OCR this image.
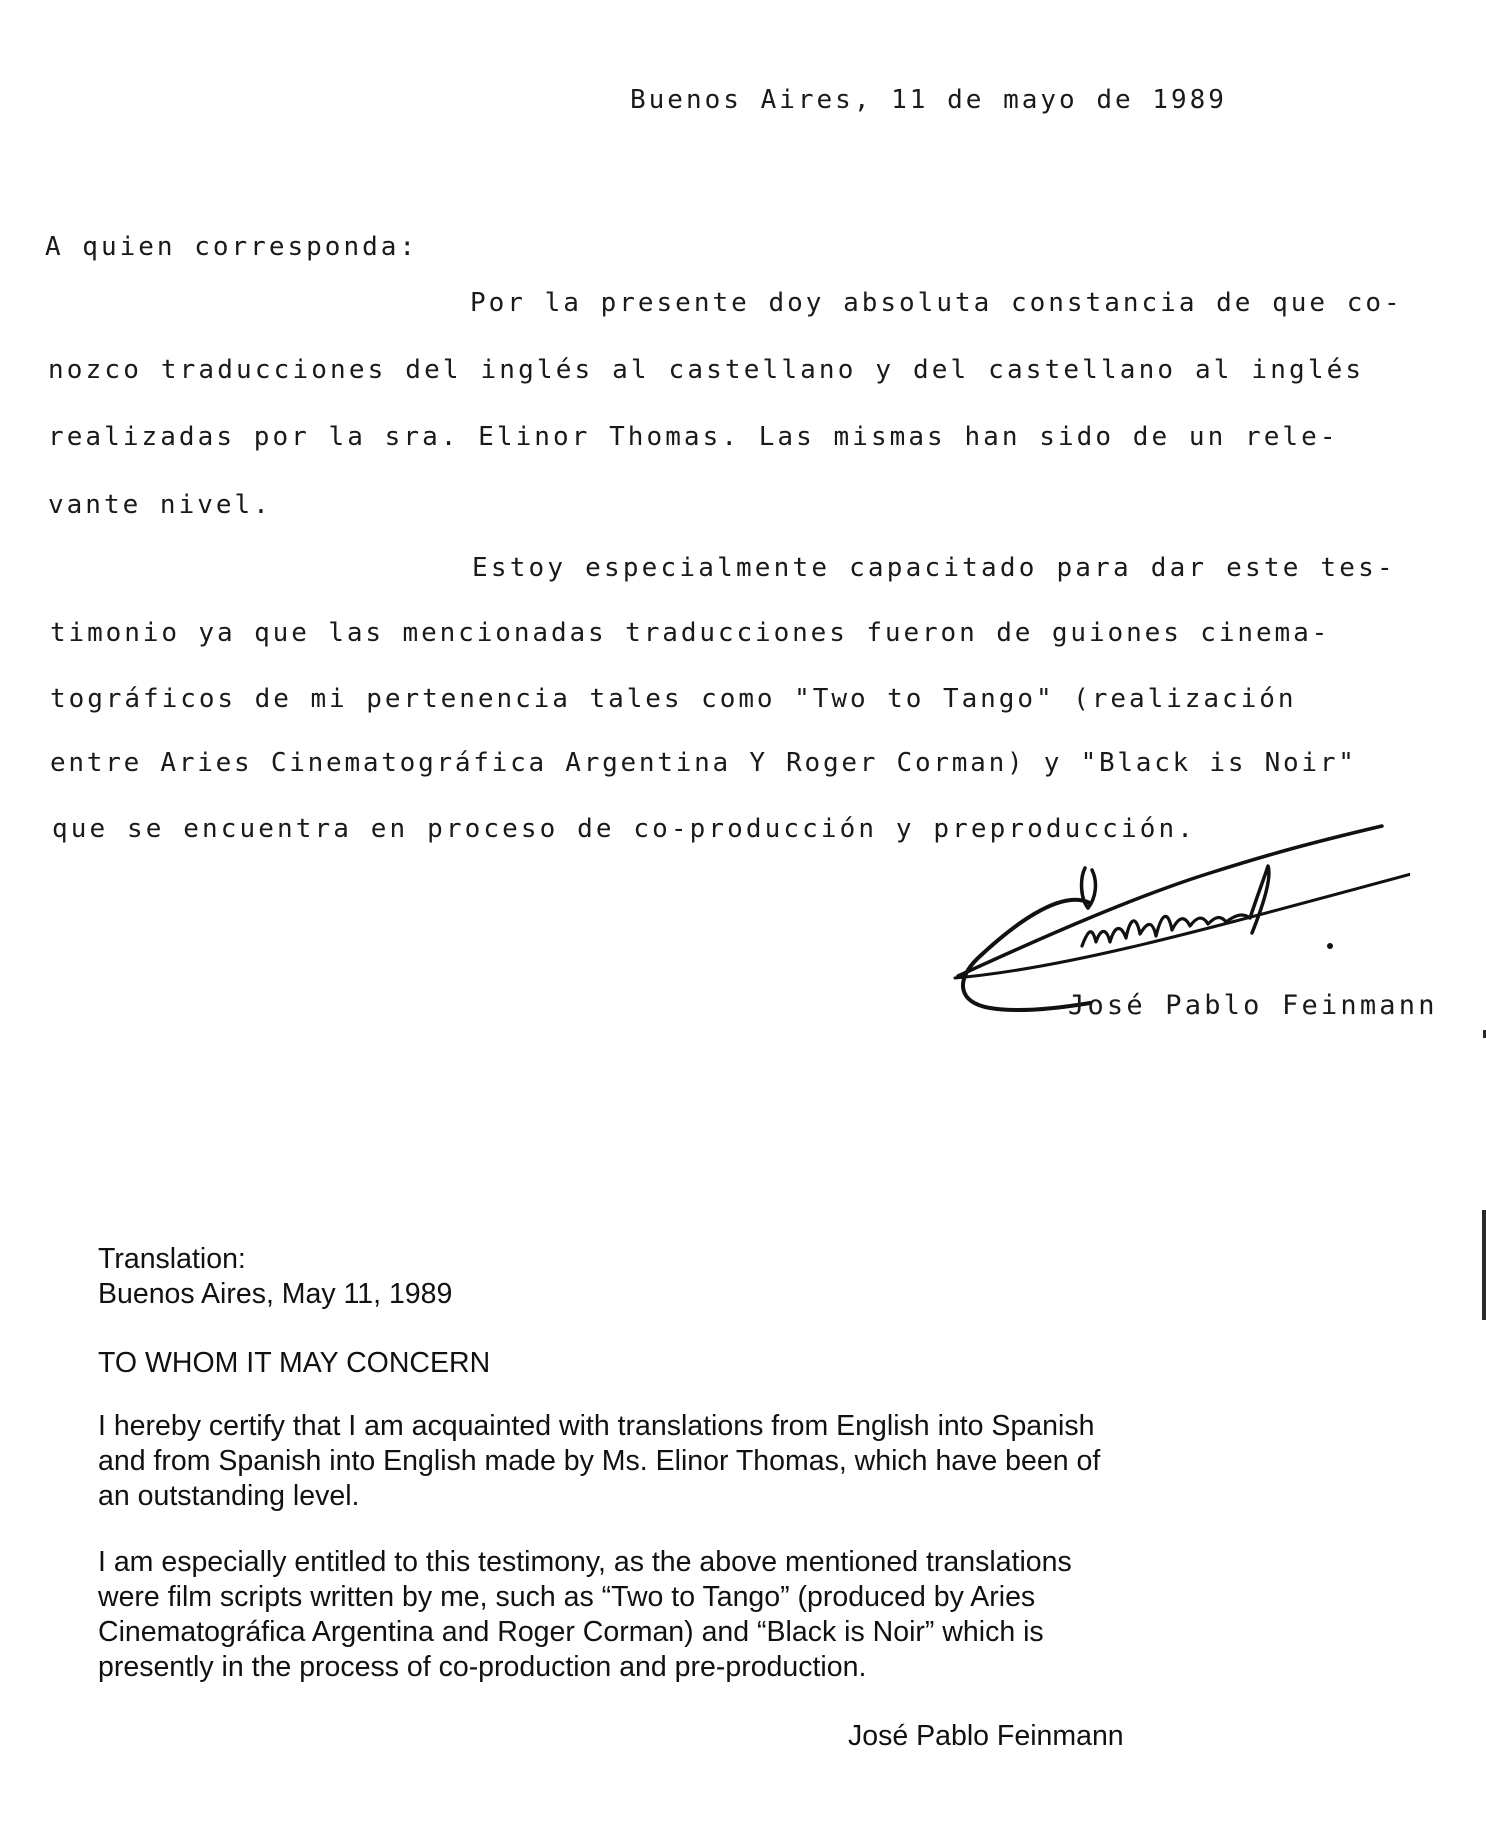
Buenos Aires, 11 de mayo de 1989
A quien corresponda:
Por la presente doy absoluta constancia de que co-
nozco traducciones del inglés al castellano y del castellano al inglés
realizadas por la sra. Elinor Thomas. Las mismas han sido de un rele-
vante nivel.
Estoy especialmente capacitado para dar este tes-
timonio ya que las mencionadas traducciones fueron de guiones cinema-
tográficos de mi pertenencia tales como "Two to Tango" (realización
entre Aries Cinematográfica Argentina Y Roger Corman) y "Black is Noir"
que se encuentra en proceso de co-producción y preproducción.
José Pablo Feinmann
Translation:
Buenos Aires, May 11, 1989
TO WHOM IT MAY CONCERN
I hereby certify that I am acquainted with translations from English into Spanish
and from Spanish into English made by Ms. Elinor Thomas, which have been of
an outstanding level.
I am especially entitled to this testimony, as the above mentioned translations
were film scripts written by me, such as “Two to Tango” (produced by Aries
Cinematográfica Argentina and Roger Corman) and “Black is Noir” which is
presently in the process of co-production and pre-production.
José Pablo Feinmann
